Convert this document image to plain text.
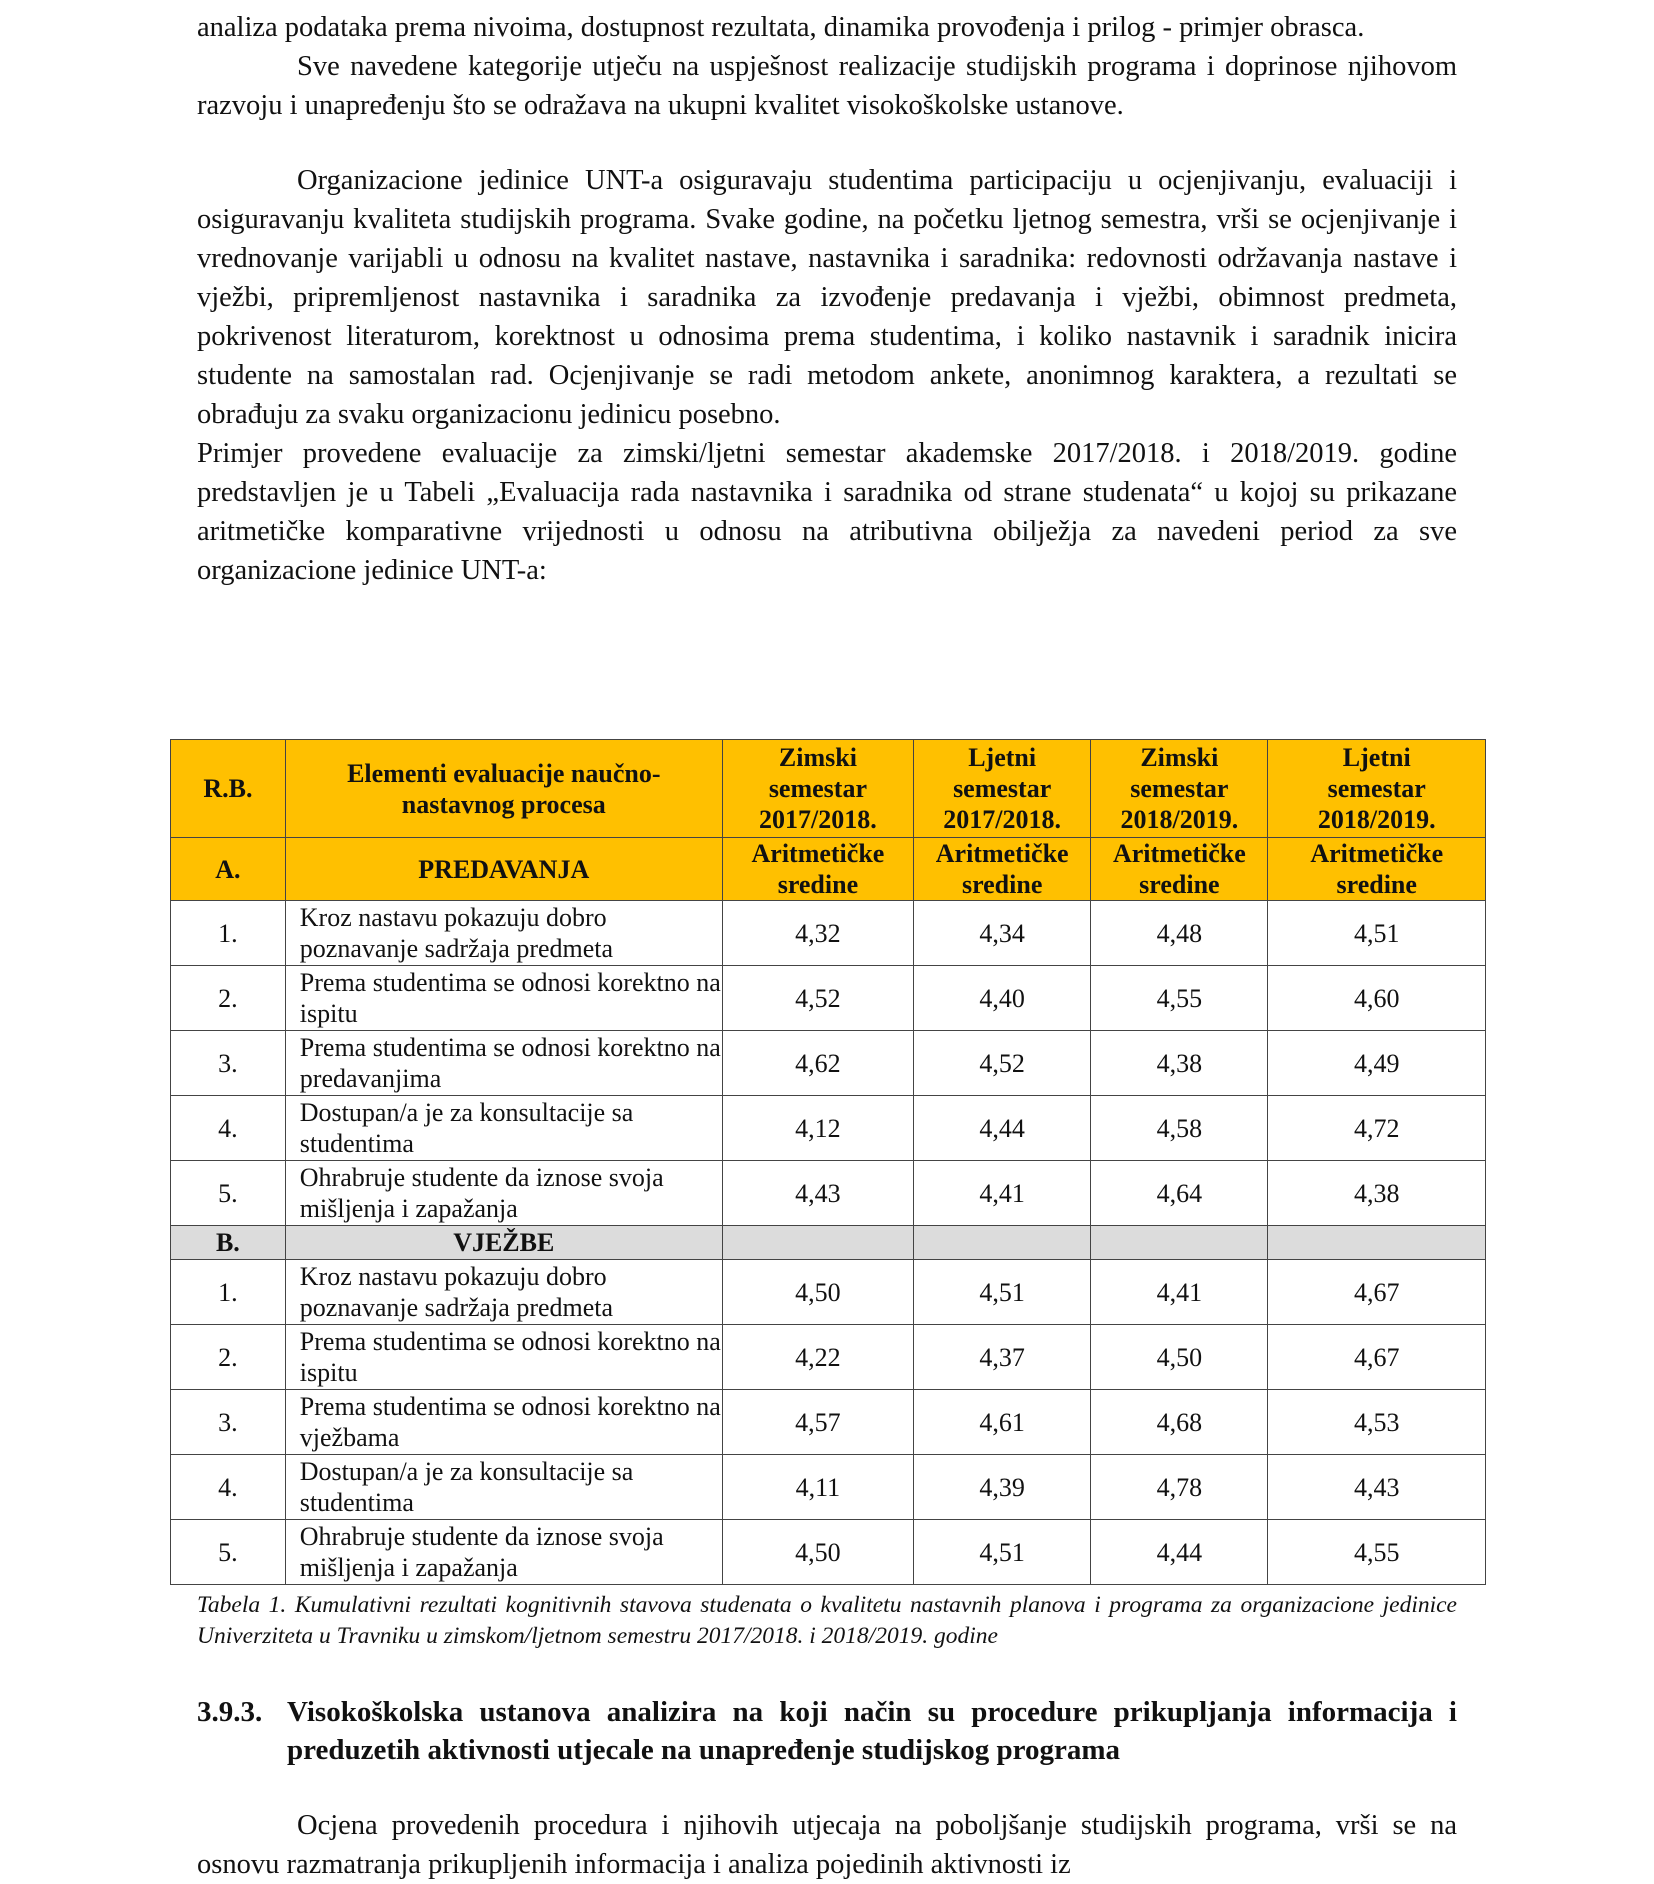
analiza podataka prema nivoima, dostupnost rezultata, dinamika provođenja i prilog - primjer obrasca.

Sve navedene kategorije utječu na uspješnost realizacije studijskih programa i doprinose njihovom razvoju i unapređenju što se odražava na ukupni kvalitet visokoškolske ustanove.

Organizacione jedinice UNT-a osiguravaju studentima participaciju u ocjenjivanju, evaluaciji i osiguravanju kvaliteta studijskih programa. Svake godine, na početku ljetnog semestra, vrši se ocjenjivanje i vrednovanje varijabli u odnosu na kvalitet nastave, nastavnika i saradnika: redovnosti održavanja nastave i vježbi, pripremljenost nastavnika i saradnika za izvođenje predavanja i vježbi, obimnost predmeta, pokrivenost literaturom, korektnost u odnosima prema studentima, i koliko nastavnik i saradnik inicira studente na samostalan rad. Ocjenjivanje se radi metodom ankete, anonimnog karaktera, a rezultati se obrađuju za svaku organizacionu jedinicu posebno.

Primjer provedene evaluacije za zimski/ljetni semestar akademske 2017/2018. i 2018/2019. godine predstavljen je u Tabeli „Evaluacija rada nastavnika i saradnika od strane studenata“ u kojoj su prikazane aritmetičke komparativne vrijednosti u odnosu na atributivna obilježja za navedeni period za sve organizacione jedinice UNT-a:

R.B.	Elementi evaluacije naučno-nastavnog procesa	Zimski semestar 2017/2018.	Ljetni semestar 2017/2018.	Zimski semestar 2018/2019.	Ljetni semestar 2018/2019.
A.	PREDAVANJA	Aritmetičke sredine	Aritmetičke sredine	Aritmetičke sredine	Aritmetičke sredine
1.	Kroz nastavu pokazuju dobro poznavanje sadržaja predmeta	4,32	4,34	4,48	4,51
2.	Prema studentima se odnosi korektno na ispitu	4,52	4,40	4,55	4,60
3.	Prema studentima se odnosi korektno na predavanjima	4,62	4,52	4,38	4,49
4.	Dostupan/a je za konsultacije sa studentima	4,12	4,44	4,58	4,72
5.	Ohrabruje studente da iznose svoja mišljenja i zapažanja	4,43	4,41	4,64	4,38
B.	VJEŽBE				
1.	Kroz nastavu pokazuju dobro poznavanje sadržaja predmeta	4,50	4,51	4,41	4,67
2.	Prema studentima se odnosi korektno na ispitu	4,22	4,37	4,50	4,67
3.	Prema studentima se odnosi korektno na vježbama	4,57	4,61	4,68	4,53
4.	Dostupan/a je za konsultacije sa studentima	4,11	4,39	4,78	4,43
5.	Ohrabruje studente da iznose svoja mišljenja i zapažanja	4,50	4,51	4,44	4,55
Tabela 1. Kumulativni rezultati kognitivnih stavova studenata o kvalitetu nastavnih planova i programa za organizacione jedinice Univerziteta u Travniku u zimskom/ljetnom semestru 2017/2018. i 2018/2019. godine
3.9.3. Visokoškolska ustanova analizira na koji način su procedure prikupljanja informacija i preduzetih aktivnosti utjecale na unapređenje studijskog programa

Ocjena provedenih procedura i njihovih utjecaja na poboljšanje studijskih programa, vrši se na osnovu razmatranja prikupljenih informacija i analiza pojedinih aktivnosti iz
